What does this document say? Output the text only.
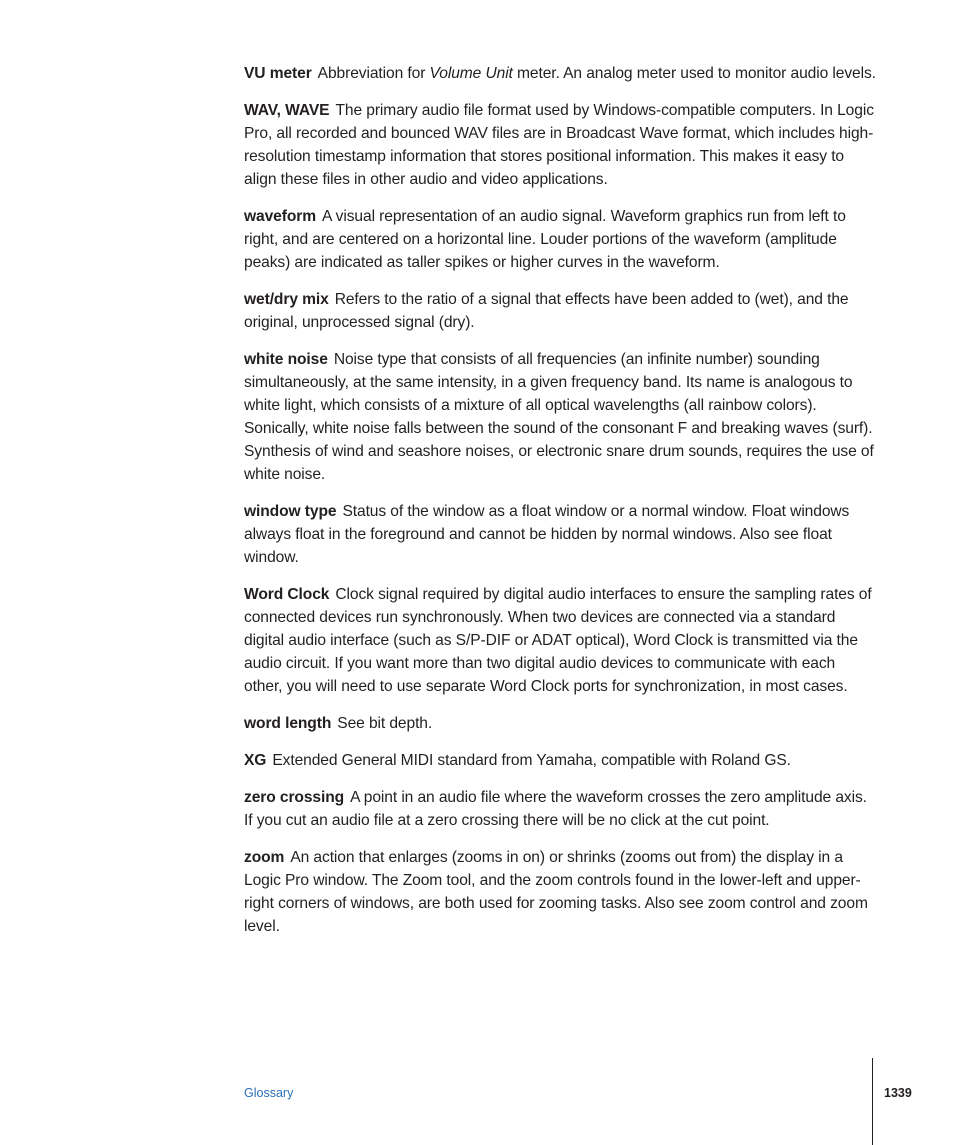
VU meter Abbreviation for Volume Unit meter. An analog meter used to monitor audio levels.

WAV, WAVE The primary audio file format used by Windows-compatible computers. In Logic Pro, all recorded and bounced WAV files are in Broadcast Wave format, which includes high-resolution timestamp information that stores positional information. This makes it easy to align these files in other audio and video applications.

waveform A visual representation of an audio signal. Waveform graphics run from left to right, and are centered on a horizontal line. Louder portions of the waveform (amplitude peaks) are indicated as taller spikes or higher curves in the waveform.

wet/dry mix Refers to the ratio of a signal that effects have been added to (wet), and the original, unprocessed signal (dry).

white noise Noise type that consists of all frequencies (an infinite number) sounding simultaneously, at the same intensity, in a given frequency band. Its name is analogous to white light, which consists of a mixture of all optical wavelengths (all rainbow colors). Sonically, white noise falls between the sound of the consonant F and breaking waves (surf). Synthesis of wind and seashore noises, or electronic snare drum sounds, requires the use of white noise.

window type Status of the window as a float window or a normal window. Float windows always float in the foreground and cannot be hidden by normal windows. Also see float window.

Word Clock Clock signal required by digital audio interfaces to ensure the sampling rates of connected devices run synchronously. When two devices are connected via a standard digital audio interface (such as S/P-DIF or ADAT optical), Word Clock is transmitted via the audio circuit. If you want more than two digital audio devices to communicate with each other, you will need to use separate Word Clock ports for synchronization, in most cases.

word length See bit depth.

XG Extended General MIDI standard from Yamaha, compatible with Roland GS.

zero crossing A point in an audio file where the waveform crosses the zero amplitude axis. If you cut an audio file at a zero crossing there will be no click at the cut point.

zoom An action that enlarges (zooms in on) or shrinks (zooms out from) the display in a Logic Pro window. The Zoom tool, and the zoom controls found in the lower-left and upper-right corners of windows, are both used for zooming tasks. Also see zoom control and zoom level.

Glossary	1339
